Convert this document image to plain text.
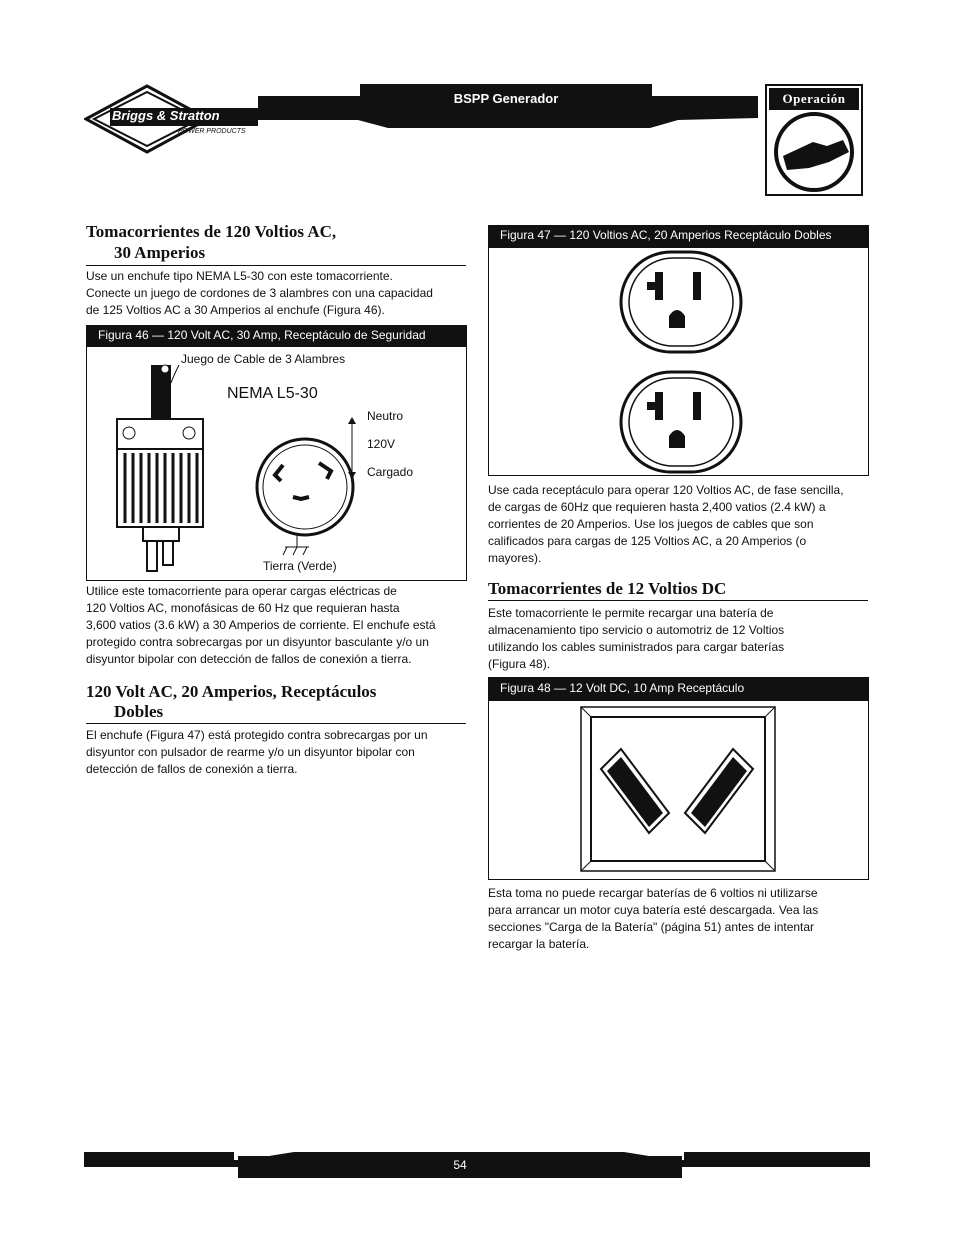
Briggs & Stratton
POWER PRODUCTS
BSPP Generador	Operación
Tomacorrientes de 120 Voltios AC,
30 Amperios
Use un enchufe tipo NEMA L5-30 con este tomacorriente.
Conecte un juego de cordones de 3 alambres con una capacidad
de 125 Voltios AC a 30 Amperios al enchufe (Figura 46).
Figura 46 — 120 Volt AC, 30 Amp, Receptáculo de Seguridad
Juego de Cable de 3 Alambres
NEMA L5-30
Neutro
120V
Cargado
Tierra (Verde)
Utilice este tomacorriente para operar cargas eléctricas de
120 Voltios AC, monofásicas de 60 Hz que requieran hasta
3,600 vatios (3.6 kW) a 30 Amperios de corriente. El enchufe está
protegido contra sobrecargas por un disyuntor basculante y/o un
disyuntor bipolar con detección de fallos de conexión a tierra.
120 Volt AC, 20 Amperios, Receptáculos
Dobles
El enchufe (Figura 47) está protegido contra sobrecargas por un
disyuntor con pulsador de rearme y/o un disyuntor bipolar con
detección de fallos de conexión a tierra.
Figura 47 — 120 Voltios AC, 20 Amperios Receptáculo Dobles
Use cada receptáculo para operar 120 Voltios AC, de fase sencilla,
de cargas de 60Hz que requieren hasta 2,400 vatios (2.4 kW) a
corrientes de 20 Amperios. Use los juegos de cables que son
calificados para cargas de 125 Voltios AC, a 20 Amperios (o
mayores).
Tomacorrientes de 12 Voltios DC
Este tomacorriente le permite recargar una batería de
almacenamiento tipo servicio o automotriz de 12 Voltios
utilizando los cables suministrados para cargar baterías
(Figura 48).
Figura 48 — 12 Volt DC, 10 Amp Receptáculo
Esta toma no puede recargar baterías de 6 voltios ni utilizarse
para arrancar un motor cuya batería esté descargada. Vea las
secciones "Carga de la Batería" (página 51) antes de intentar
recargar la batería.
54
